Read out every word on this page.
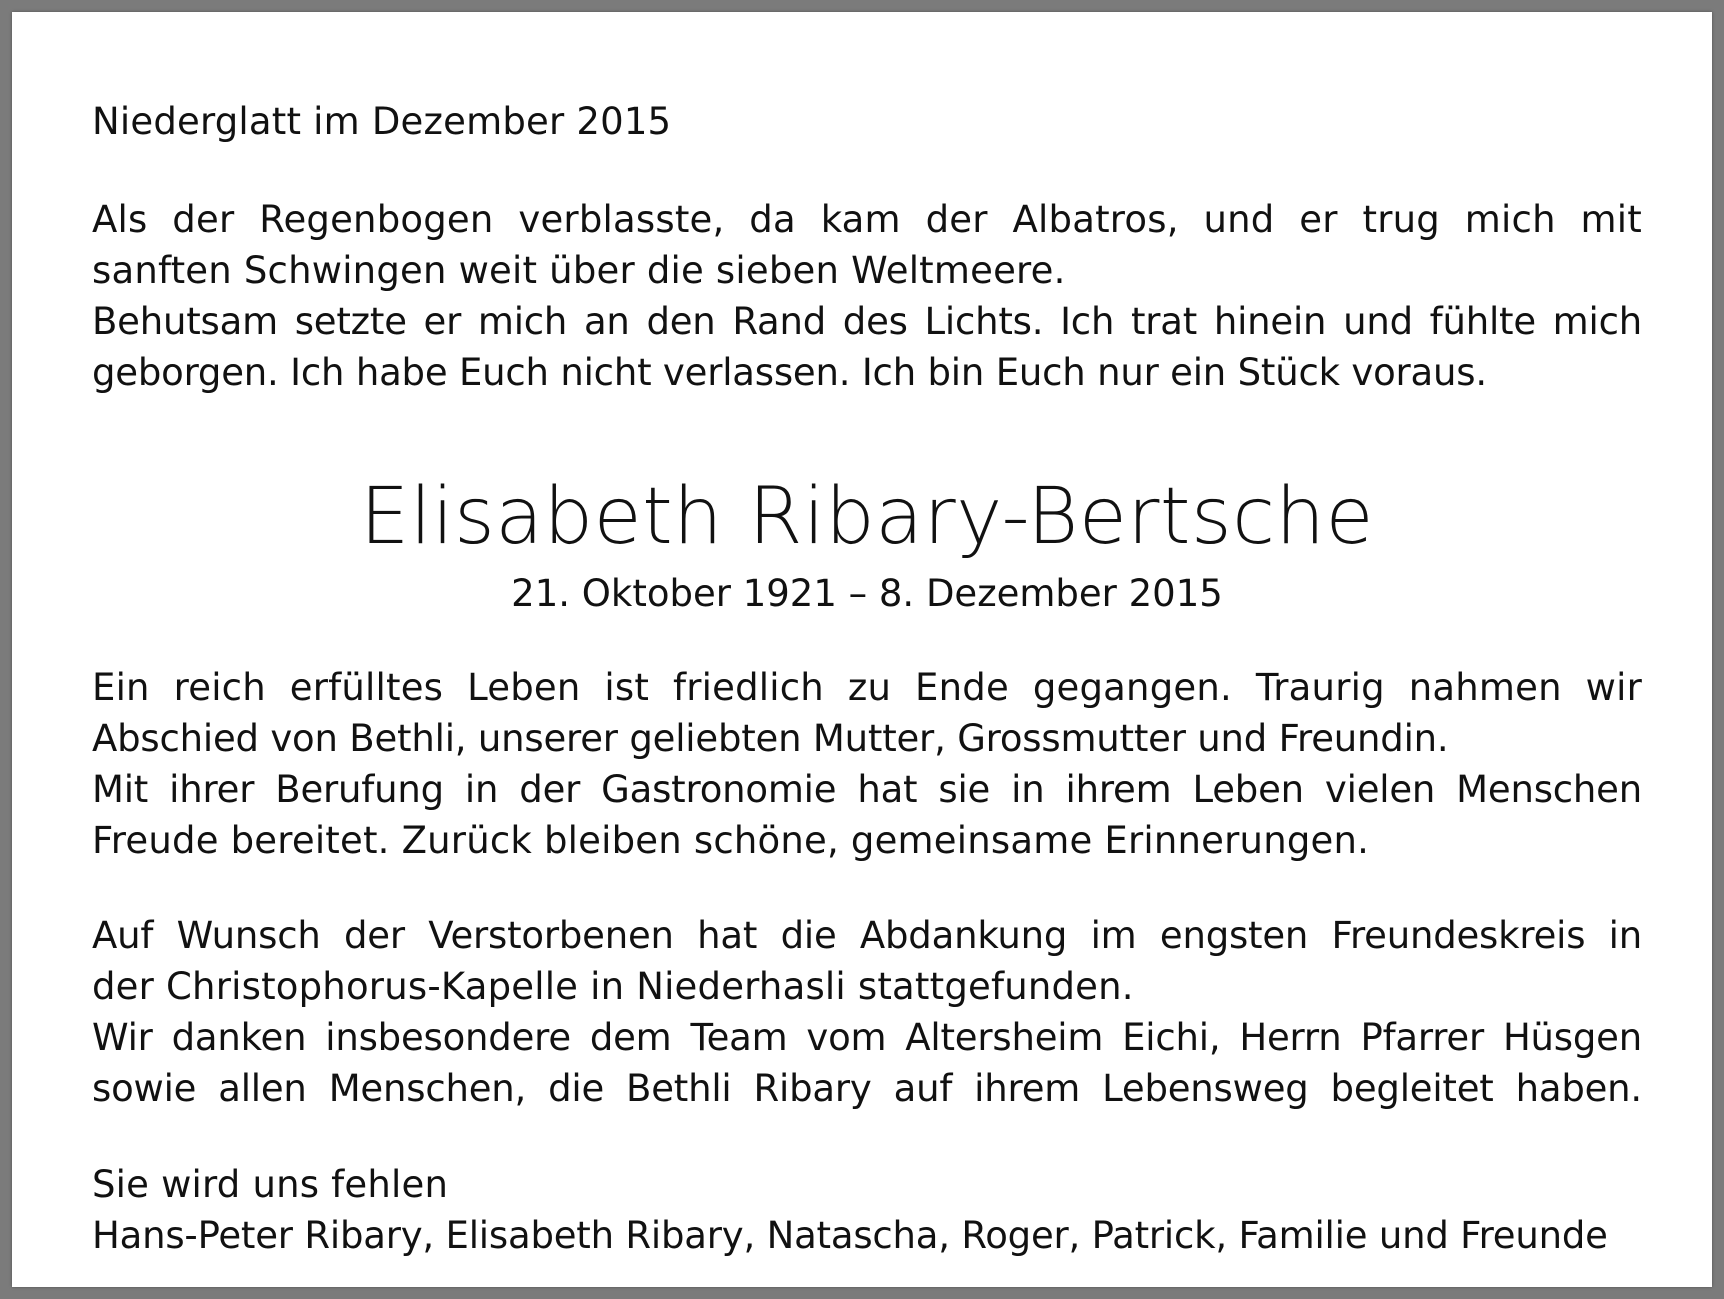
Niederglatt im Dezember 2015
Als der Regenbogen verblasste, da kam der Albatros, und er trug mich mit
sanften Schwingen weit über die sieben Weltmeere.
Behutsam setzte er mich an den Rand des Lichts. Ich trat hinein und fühlte mich
geborgen. Ich habe Euch nicht verlassen. Ich bin Euch nur ein Stück voraus.
Elisabeth Ribary-Bertsche
21. Oktober 1921 – 8. Dezember 2015
Ein reich erfülltes Leben ist friedlich zu Ende gegangen. Traurig nahmen wir
Abschied von Bethli, unserer geliebten Mutter, Grossmutter und Freundin.
Mit ihrer Berufung in der Gastronomie hat sie in ihrem Leben vielen Menschen
Freude bereitet. Zurück bleiben schöne, gemeinsame Erinnerungen.
Auf Wunsch der Verstorbenen hat die Abdankung im engsten Freundeskreis in
der Christophorus-Kapelle in Niederhasli stattgefunden.
Wir danken insbesondere dem Team vom Altersheim Eichi, Herrn Pfarrer Hüsgen
sowie allen Menschen, die Bethli Ribary auf ihrem Lebensweg begleitet haben.
Sie wird uns fehlen
Hans-Peter Ribary, Elisabeth Ribary, Natascha, Roger, Patrick, Familie und Freunde
